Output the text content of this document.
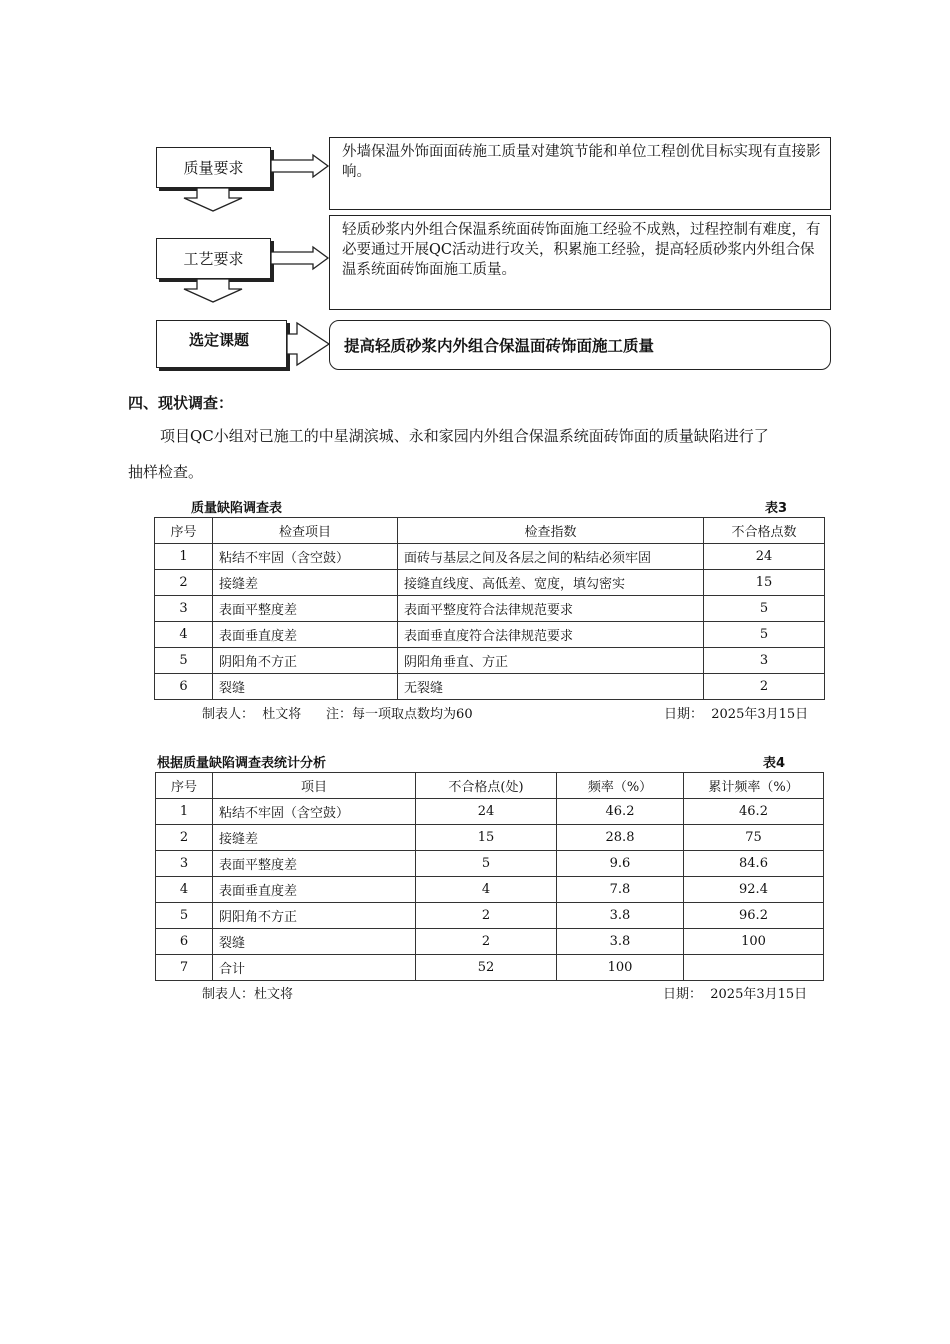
质量要求
外墙保温外饰面面砖施工质量对建筑节能和单位工程创优目标实现有直接影响。
工艺要求
轻质砂浆内外组合保温系统面砖饰面施工经验不成熟，过程控制有难度，有必要通过开展QC活动进行攻关，积累施工经验，提高轻质砂浆内外组合保温系统面砖饰面施工质量。
选定课题	提高轻质砂浆内外组合保温面砖饰面施工质量
四、现状调查：
项目QC小组对已施工的中星湖滨城、永和家园内外组合保温系统面砖饰面的质量缺陷进行了
抽样检查。
质量缺陷调查表	表3
序号	检查项目	检查指数	不合格点数
1	粘结不牢固（含空鼓）	面砖与基层之间及各层之间的粘结必须牢固	24
2	接缝差	接缝直线度、高低差、宽度，填勾密实	15
3	表面平整度差	表面平整度符合法律规范要求	5
4	表面垂直度差	表面垂直度符合法律规范要求	5
5	阴阳角不方正	阴阳角垂直、方正	3
6	裂缝	无裂缝	2
制表人：  杜文将      注：每一项取点数均为60	日期：  2025年3月15日
根据质量缺陷调查表统计分析	表4
序号	项目	不合格点(处)	频率（%）	累计频率（%）
1	粘结不牢固（含空鼓）	24	46.2	46.2
2	接缝差	15	28.8	75
3	表面平整度差	5	9.6	84.6
4	表面垂直度差	4	7.8	92.4
5	阴阳角不方正	2	3.8	96.2
6	裂缝	2	3.8	100
7	合计	52	100	
制表人：杜文将	日期：  2025年3月15日
